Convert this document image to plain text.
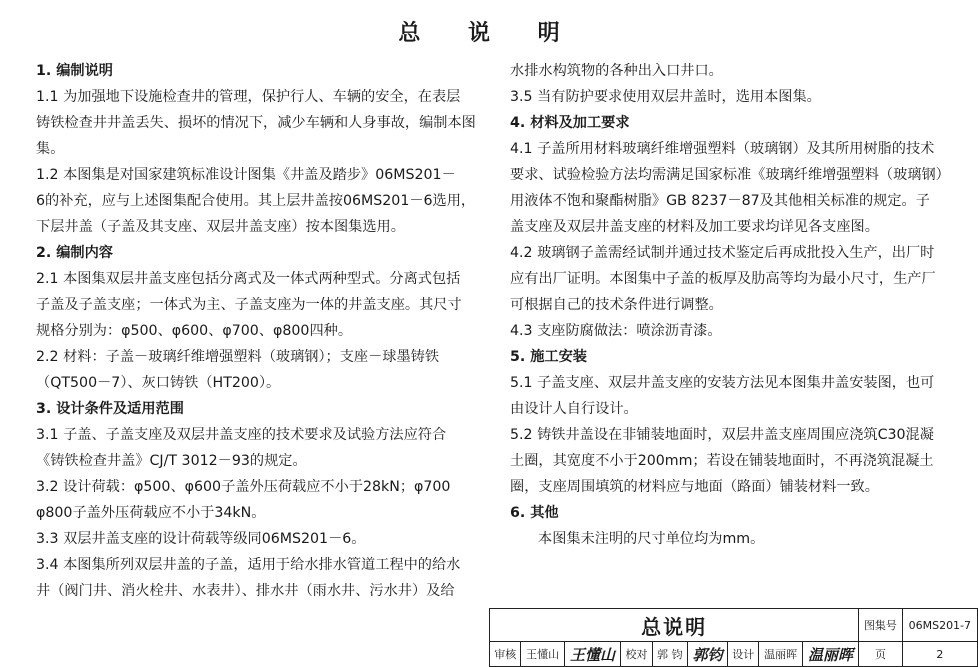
总 说 明
1. 编制说明
1.1 为加强地下设施检查井的管理，保护行人、车辆的安全，在表层
铸铁检查井井盖丢失、损坏的情况下，减少车辆和人身事故，编制本图
集。
1.2 本图集是对国家建筑标准设计图集《井盖及踏步》06MS201－
6的补充，应与上述图集配合使用。其上层井盖按06MS201－6选用，
下层井盖（子盖及其支座、双层井盖支座）按本图集选用。
2. 编制内容
2.1 本图集双层井盖支座包括分离式及一体式两种型式。分离式包括
子盖及子盖支座；一体式为主、子盖支座为一体的井盖支座。其尺寸
规格分别为：φ500、φ600、φ700、φ800四种。
2.2 材料：子盖－玻璃纤维增强塑料（玻璃钢）；支座－球墨铸铁
（QT500－7）、灰口铸铁（HT200）。
3. 设计条件及适用范围
3.1 子盖、子盖支座及双层井盖支座的技术要求及试验方法应符合
《铸铁检查井盖》CJ/T 3012－93的规定。
3.2 设计荷载：φ500、φ600子盖外压荷载应不小于28kN；φ700
φ800子盖外压荷载应不小于34kN。
3.3 双层井盖支座的设计荷载等级同06MS201－6。
3.4 本图集所列双层井盖的子盖，适用于给水排水管道工程中的给水
井（阀门井、消火栓井、水表井）、排水井（雨水井、污水井）及给
水排水构筑物的各种出入口井口。
3.5 当有防护要求使用双层井盖时，选用本图集。
4. 材料及加工要求
4.1 子盖所用材料玻璃纤维增强塑料（玻璃钢）及其所用树脂的技术
要求、试验检验方法均需满足国家标准《玻璃纤维增强塑料（玻璃钢）
用液体不饱和聚酯树脂》GB 8237－87及其他相关标准的规定。子
盖支座及双层井盖支座的材料及加工要求均详见各支座图。
4.2 玻璃钢子盖需经试制并通过技术鉴定后再成批投入生产，出厂时
应有出厂证明。本图集中子盖的板厚及肋高等均为最小尺寸，生产厂
可根据自己的技术条件进行调整。
4.3 支座防腐做法：喷涂沥青漆。
5. 施工安装
5.1 子盖支座、双层井盖支座的安装方法见本图集井盖安装图，也可
由设计人自行设计。
5.2 铸铁井盖设在非铺装地面时，双层井盖支座周围应浇筑C30混凝
土圈，其宽度不小于200mm；若设在铺装地面时，不再浇筑混凝土
圈，支座周围填筑的材料应与地面（路面）铺装材料一致。
6. 其他
本图集未注明的尺寸单位均为mm。
总说明									图集号	06MS201-7
审核	王懂山	王懂山	校对	郭 钧	郭钧	设计	温丽晖	温丽晖	页	2
